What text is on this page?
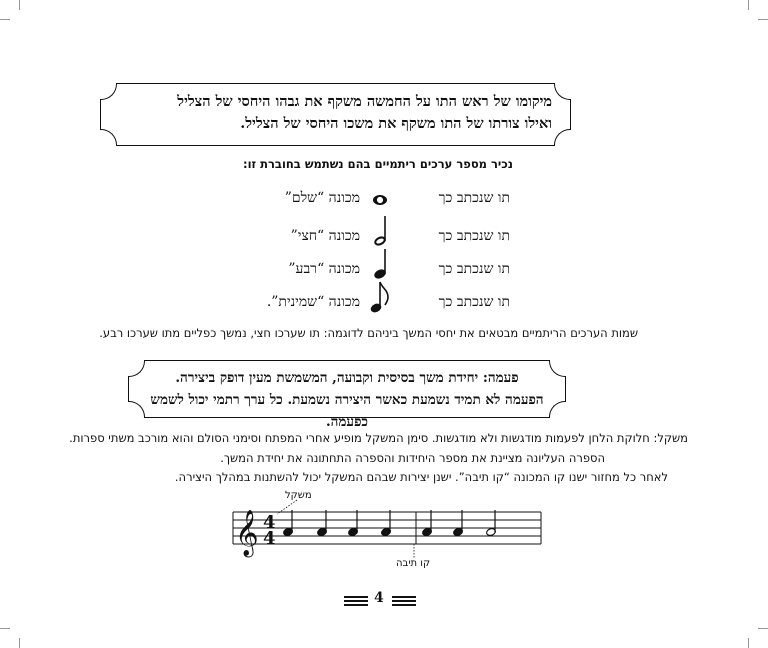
מיקומו של ראש התו על החמשה משקף את גבהו היחסי של הצליל
ואילו צורתו של התו משקף את משכו היחסי של הצליל.
נכיר מספר ערכים ריתמיים בהם נשתמש בחוברת זו:
תו שנכתב כך
מכונה “שלם”
תו שנכתב כך
מכונה “חצי”
תו שנכתב כך
מכונה “רבע”
תו שנכתב כך
מכונה “שמינית”.
שמות הערכים הריתמיים מבטאים את יחסי המשך ביניהם לדוגמה: תו שערכו חצי, נמשך כפליים מתו שערכו רבע.
פעמה: יחידת משך בסיסית וקבועה, המשמשת מעין דופק ביצירה.
הפעמה לא תמיד נשמעת כאשר היצירה נשמעת. כל ערך רתמי יכול לשמש כפעמה.
משקל: חלוקת הלחן לפעמות מודגשות ולא מודגשות. סימן המשקל מופיע אחרי המפתח וסימני הסולם והוא מורכב משתי ספרות.
הספרה העליונה מציינת את מספר היחידות והספרה התחתונה את יחידת המשך.
לאחר כל מחזור ישנו קו המכונה “קו תיבה”. ישנן יצירות שבהם המשקל יכול להשתנות במהלך היצירה.
𝄞 4
4
משקל
קו תיבה
4
